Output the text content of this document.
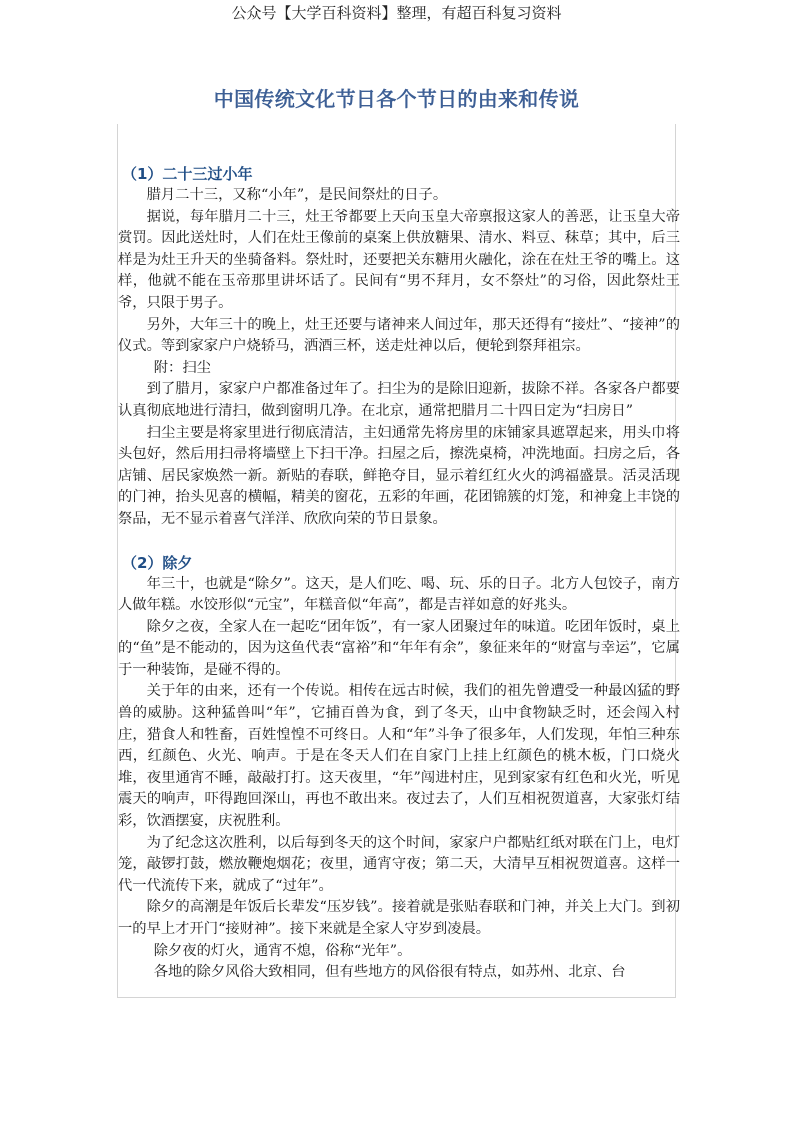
公众号【大学百科资料】整理，有超百科复习资料
中国传统文化节日各个节日的由来和传说
（1）二十三过小年

腊月二十三，又称“小年”，是民间祭灶的日子。

据说，每年腊月二十三，灶王爷都要上天向玉皇大帝禀报这家人的善恶，让玉皇大帝赏罚。因此送灶时，人们在灶王像前的桌案上供放糖果、清水、料豆、秣草；其中，后三样是为灶王升天的坐骑备料。祭灶时，还要把关东糖用火融化，涂在在灶王爷的嘴上。这样，他就不能在玉帝那里讲坏话了。民间有“男不拜月，女不祭灶”的习俗，因此祭灶王爷，只限于男子。

另外，大年三十的晚上，灶王还要与诸神来人间过年，那天还得有“接灶”、“接神”的仪式。等到家家户户烧轿马，洒酒三杯，送走灶神以后，便轮到祭拜祖宗。

附：扫尘

到了腊月，家家户户都准备过年了。扫尘为的是除旧迎新，拔除不祥。各家各户都要认真彻底地进行清扫，做到窗明几净。在北京，通常把腊月二十四日定为“扫房日”

扫尘主要是将家里进行彻底清洁，主妇通常先将房里的床铺家具遮罩起来，用头巾将头包好，然后用扫帚将墙壁上下扫干净。扫屋之后，擦洗桌椅，冲洗地面。扫房之后，各店铺、居民家焕然一新。新贴的春联，鲜艳夺目，显示着红红火火的鸿福盛景。活灵活现的门神，抬头见喜的横幅，精美的窗花，五彩的年画，花团锦簇的灯笼，和神龛上丰饶的祭品，无不显示着喜气洋洋、欣欣向荣的节日景象。

（2）除夕

年三十，也就是“除夕”。这天，是人们吃、喝、玩、乐的日子。北方人包饺子，南方人做年糕。水饺形似“元宝”，年糕音似“年高”，都是吉祥如意的好兆头。

除夕之夜，全家人在一起吃“团年饭”，有一家人团聚过年的味道。吃团年饭时，桌上的“鱼”是不能动的，因为这鱼代表“富裕”和“年年有余”，象征来年的“财富与幸运”，它属于一种装饰，是碰不得的。

关于年的由来，还有一个传说。相传在远古时候，我们的祖先曾遭受一种最凶猛的野兽的威胁。这种猛兽叫“年”，它捕百兽为食，到了冬天，山中食物缺乏时，还会闯入村庄，猎食人和牲畜，百姓惶惶不可终日。人和“年”斗争了很多年，人们发现，年怕三种东西，红颜色、火光、响声。于是在冬天人们在自家门上挂上红颜色的桃木板，门口烧火堆，夜里通宵不睡，敲敲打打。这天夜里，“年”闯进村庄，见到家家有红色和火光，听见震天的响声，吓得跑回深山，再也不敢出来。夜过去了，人们互相祝贺道喜，大家张灯结彩，饮酒摆宴，庆祝胜利。

为了纪念这次胜利，以后每到冬天的这个时间，家家户户都贴红纸对联在门上，电灯笼，敲锣打鼓，燃放鞭炮烟花；夜里，通宵守夜；第二天，大清早互相祝贺道喜。这样一代一代流传下来，就成了“过年”。

除夕的高潮是年饭后长辈发“压岁钱”。接着就是张贴春联和门神，并关上大门。到初一的早上才开门“接财神”。接下来就是全家人守岁到凌晨。

除夕夜的灯火，通宵不熄，俗称“光年”。

各地的除夕风俗大致相同，但有些地方的风俗很有特点，如苏州、北京、台
